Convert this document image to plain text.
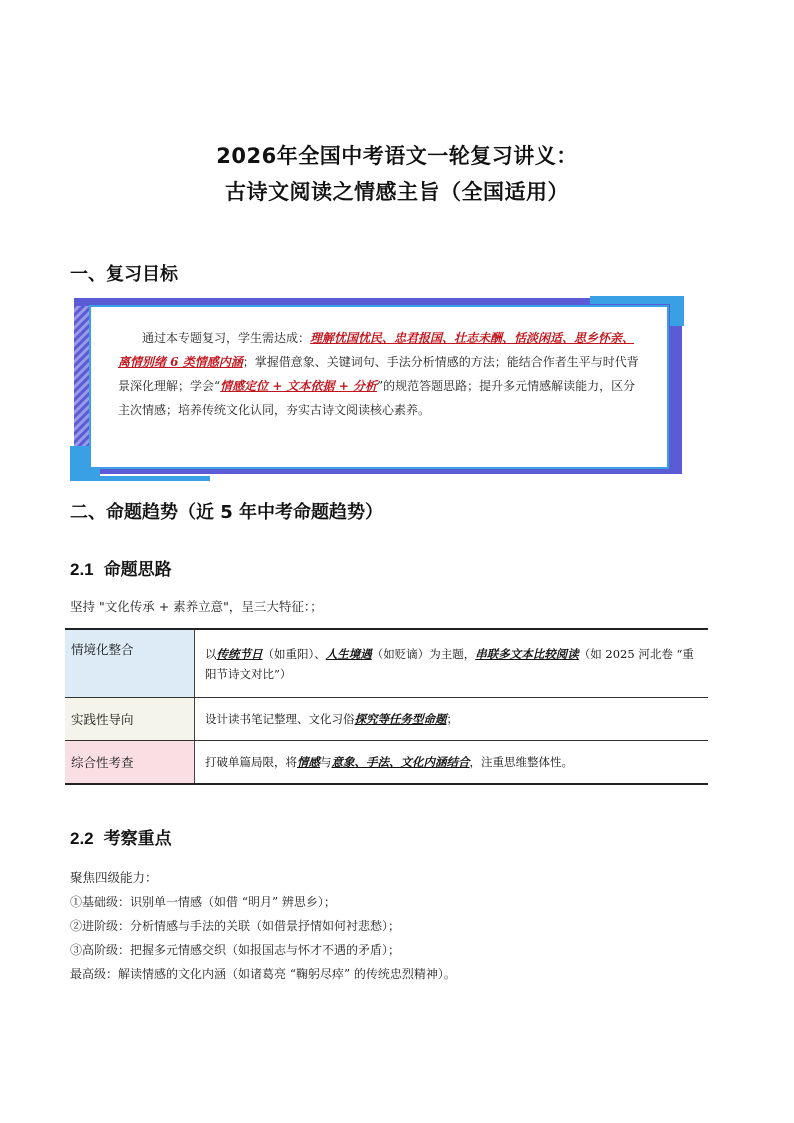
2026年全国中考语文一轮复习讲义：
古诗文阅读之情感主旨（全国适用）
一、复习目标
通过本专题复习，学生需达成：理解忧国忧民、忠君报国、壮志未酬、恬淡闲适、思乡怀亲、离情别绪 6 类情感内涵；掌握借意象、关键词句、手法分析情感的方法；能结合作者生平与时代背景深化理解；学会“情感定位 + 文本依据 + 分析”的规范答题思路；提升多元情感解读能力，区分主次情感；培养传统文化认同，夯实古诗文阅读核心素养。
二、命题趋势（近 5 年中考命题趋势）
2.1 命题思路
坚持 "文化传承 + 素养立意"，呈三大特征：；
情境化整合	以传统节日（如重阳）、人生境遇（如贬谪）为主题，串联多文本比较阅读（如 2025 河北卷 “重阳节诗文对比”）
实践性导向	设计读书笔记整理、文化习俗探究等任务型命题；
综合性考查	打破单篇局限，将情感与意象、手法、文化内涵结合，注重思维整体性。
2.2 考察重点
聚焦四级能力：
①基础级：识别单一情感（如借 “明月” 辨思乡）；
②进阶级：分析情感与手法的关联（如借景抒情如何衬悲愁）；
③高阶级：把握多元情感交织（如报国志与怀才不遇的矛盾）；
最高级：解读情感的文化内涵（如诸葛亮 “鞠躬尽瘁” 的传统忠烈精神）。
